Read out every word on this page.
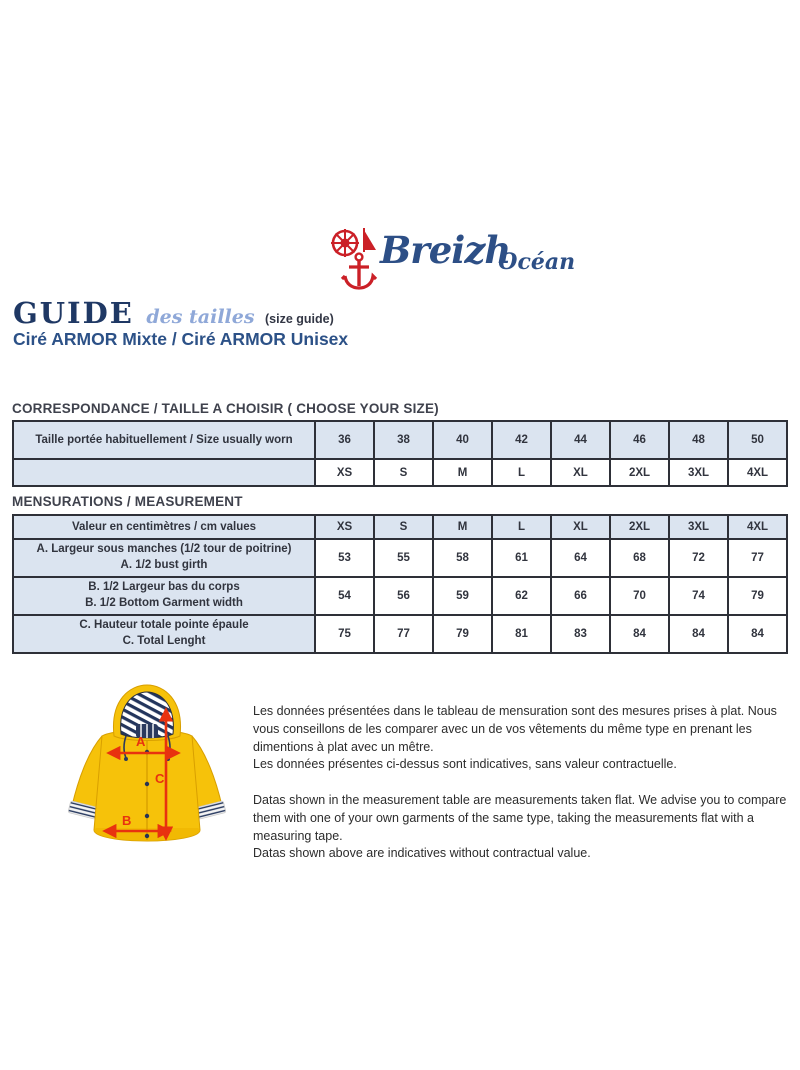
BreizhOcéan
GUIDE des tailles (size guide)
Ciré ARMOR Mixte / Ciré ARMOR Unisex
CORRESPONDANCE / TAILLE A CHOISIR ( CHOOSE YOUR SIZE)
Taille portée habituellement / Size usually worn	36	38	40	42	44	46	48	50
	XS	S	M	L	XL	2XL	3XL	4XL
MENSURATIONS / MEASUREMENT
Valeur en centimètres / cm values	XS	S	M	L	XL	2XL	3XL	4XL

A. Largeur sous manches (1/2 tour de poitrine)
A. 1/2 bust girth	53	55	58	61	64	68	72	77

B. 1/2 Largeur bas du corps
B. 1/2 Bottom Garment width	54	56	59	62	66	70	74	79

C. Hauteur totale pointe épaule
C. Total Lenght	75	77	79	81	83	84	84	84
A
C
B

Les données présentées dans le tableau de mensuration sont des mesures prises à plat. Nous vous conseillons de les comparer avec un de vos vêtements du même type en prenant les dimentions à plat avec un mêtre.

Les données présentes ci-dessus sont indicatives, sans valeur contractuelle.

Datas shown in the measurement table are measurements taken flat. We advise you to compare them with one of your own garments of the same type, taking the measurements flat with a measuring tape.

Datas shown above are indicatives without contractual value.
